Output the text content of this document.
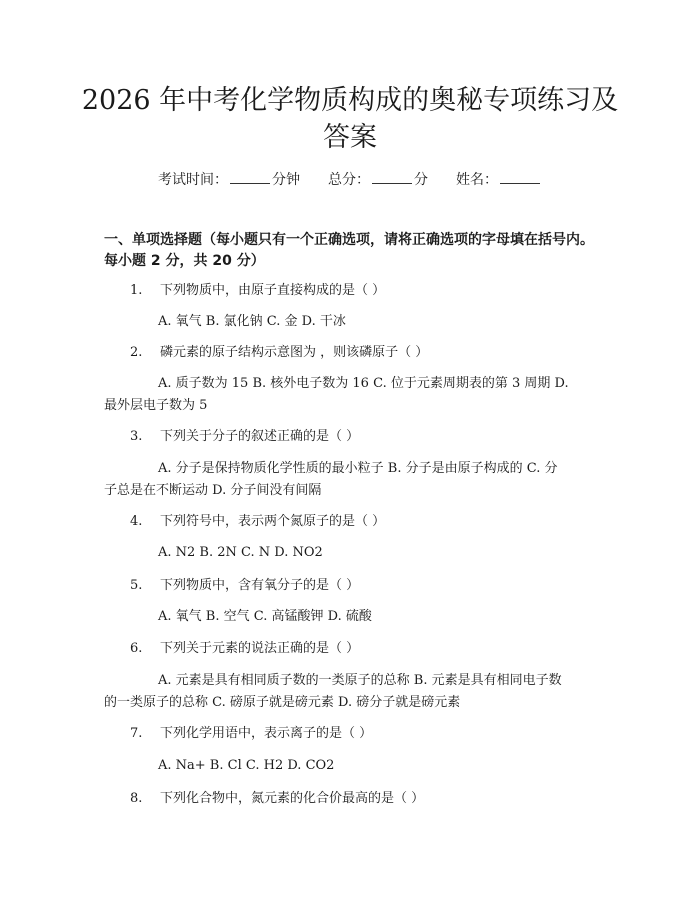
2026 年中考化学物质构成的奥秘专项练习及
答案
考试时间：	分钟 总分：	分 姓名：
一、单项选择题（每小题只有一个正确选项，请将正确选项的字母填在括号内。
每小题 2 分，共 20 分）
1. 下列物质中，由原子直接构成的是（ ）
A. 氧气 B. 氯化钠 C. 金 D. 干冰
2. 磷元素的原子结构示意图为 ，则该磷原子（ ）
A. 质子数为 15 B. 核外电子数为 16 C. 位于元素周期表的第 3 周期 D.
最外层电子数为 5
3. 下列关于分子的叙述正确的是（ ）
A. 分子是保持物质化学性质的最小粒子 B. 分子是由原子构成的 C. 分
子总是在不断运动 D. 分子间没有间隔
4. 下列符号中，表示两个氮原子的是（ ）
A. N2 B. 2N C. N D. NO2
5. 下列物质中，含有氧分子的是（ ）
A. 氧气 B. 空气 C. 高锰酸钾 D. 硫酸
6. 下列关于元素的说法正确的是（ ）
A. 元素是具有相同质子数的一类原子的总称 B. 元素是具有相同电子数
的一类原子的总称 C. 磅原子就是磅元素 D. 磅分子就是磅元素
7. 下列化学用语中，表示离子的是（ ）
A. Na+ B. Cl C. H2 D. CO2
8. 下列化合物中，氮元素的化合价最高的是（ ）
